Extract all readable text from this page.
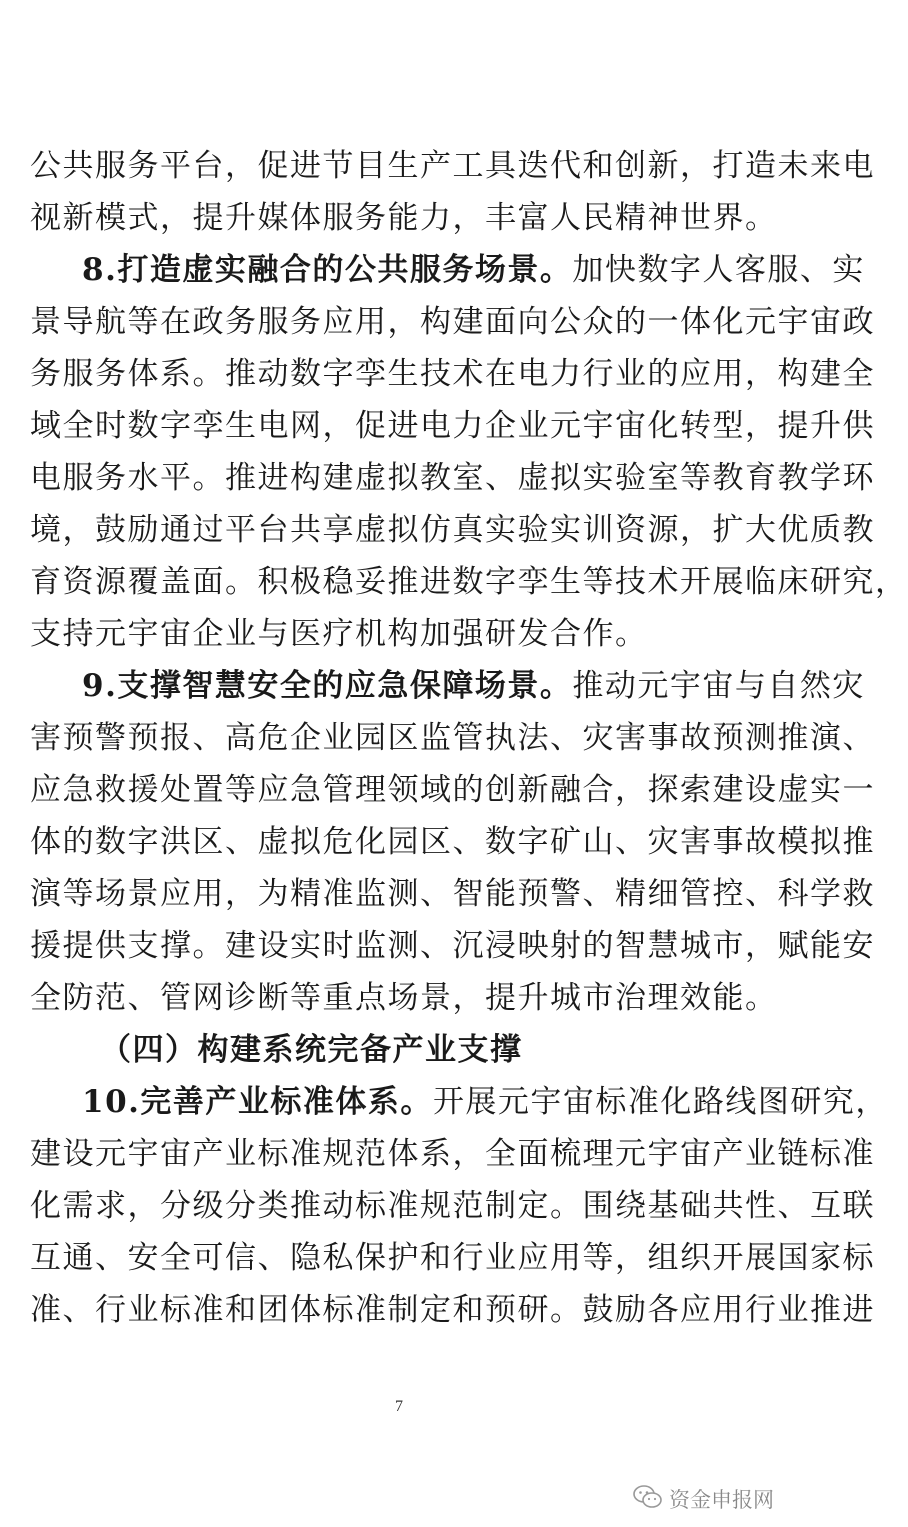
公共服务平台，促进节目生产工具迭代和创新，打造未来电
视新模式，提升媒体服务能力，丰富人民精神世界。
8.打造虚实融合的公共服务场景。加快数字人客服、实
景导航等在政务服务应用，构建面向公众的一体化元宇宙政
务服务体系。推动数字孪生技术在电力行业的应用，构建全
域全时数字孪生电网，促进电力企业元宇宙化转型，提升供
电服务水平。推进构建虚拟教室、虚拟实验室等教育教学环
境，鼓励通过平台共享虚拟仿真实验实训资源，扩大优质教
育资源覆盖面。积极稳妥推进数字孪生等技术开展临床研究，
支持元宇宙企业与医疗机构加强研发合作。
9.支撑智慧安全的应急保障场景。推动元宇宙与自然灾
害预警预报、高危企业园区监管执法、灾害事故预测推演、
应急救援处置等应急管理领域的创新融合，探索建设虚实一
体的数字洪区、虚拟危化园区、数字矿山、灾害事故模拟推
演等场景应用，为精准监测、智能预警、精细管控、科学救
援提供支撑。建设实时监测、沉浸映射的智慧城市，赋能安
全防范、管网诊断等重点场景，提升城市治理效能。
（四）构建系统完备产业支撑
10.完善产业标准体系。开展元宇宙标准化路线图研究，
建设元宇宙产业标准规范体系，全面梳理元宇宙产业链标准
化需求，分级分类推动标准规范制定。围绕基础共性、互联
互通、安全可信、隐私保护和行业应用等，组织开展国家标
准、行业标准和团体标准制定和预研。鼓励各应用行业推进
7
资金申报网
